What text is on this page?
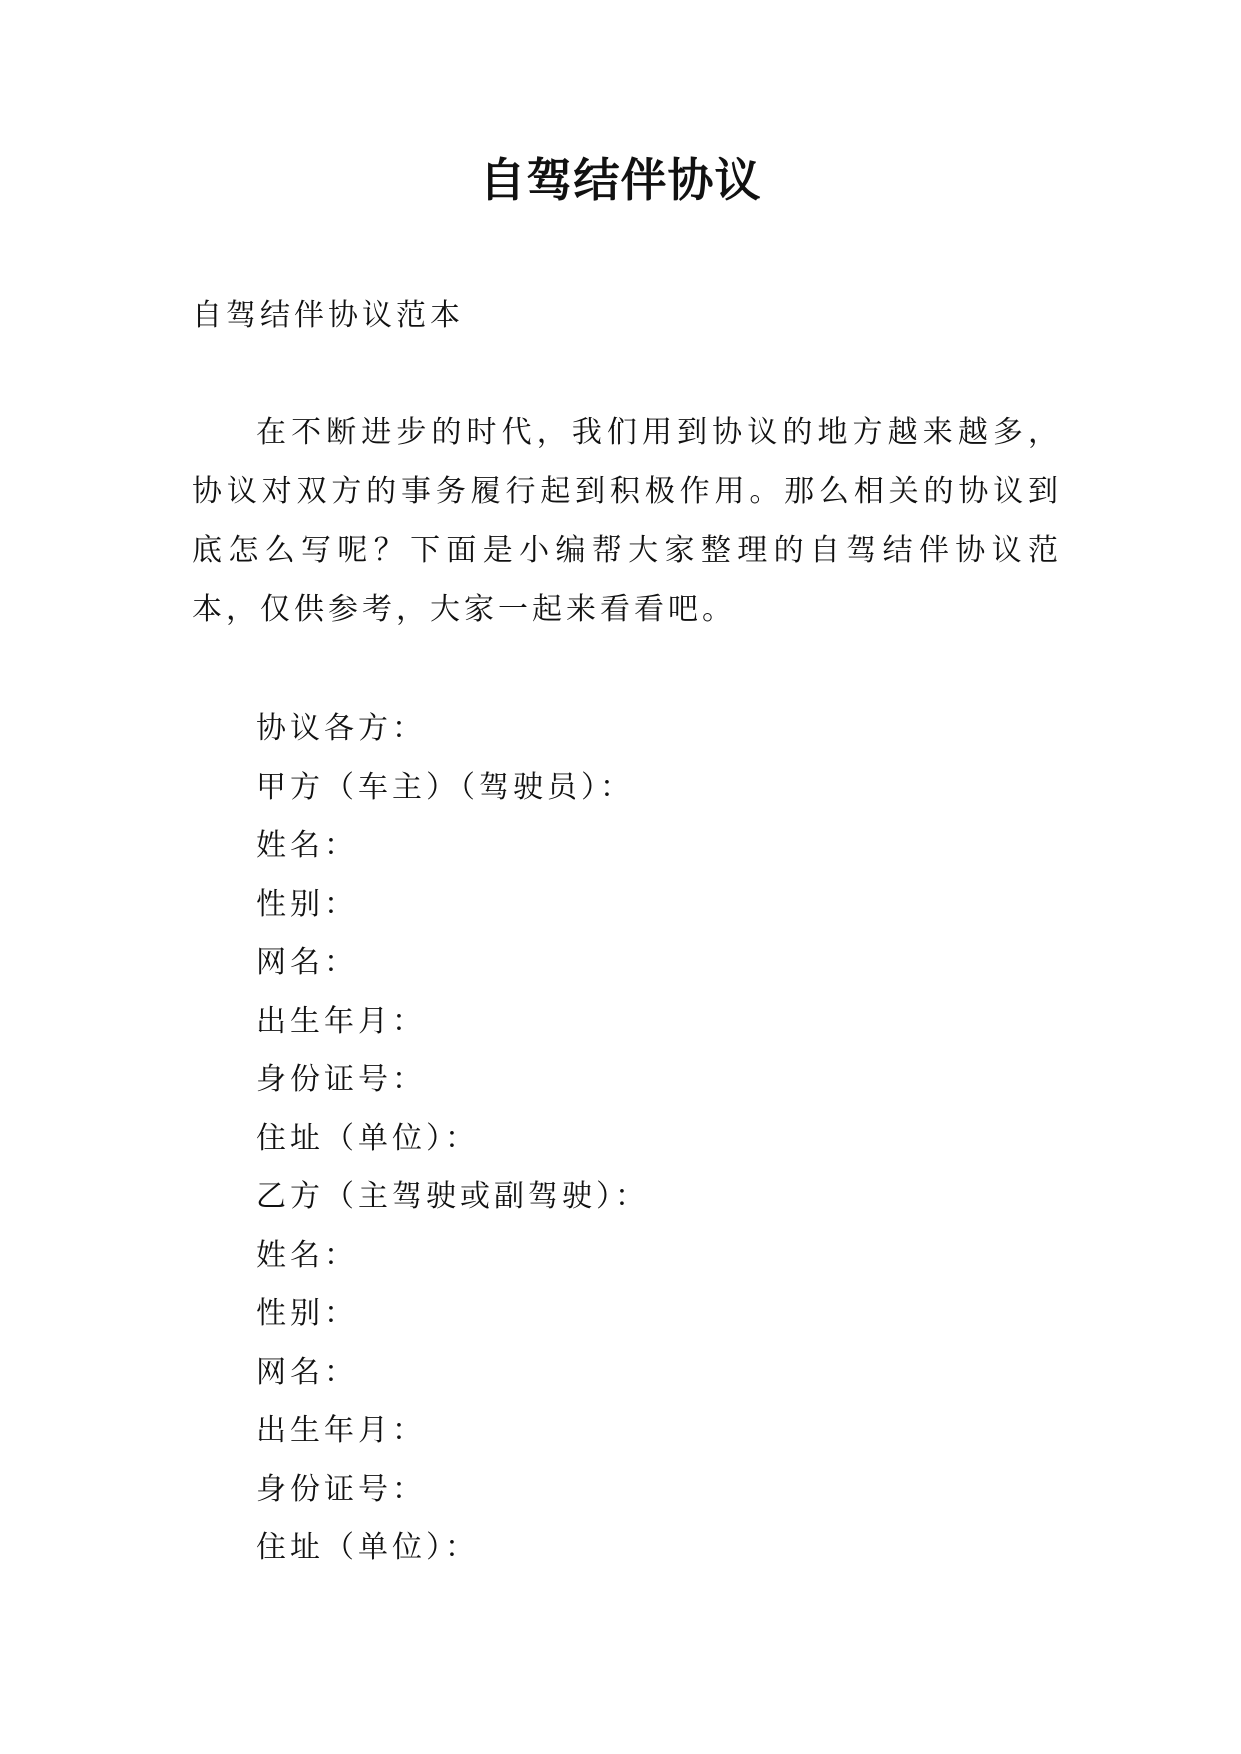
自驾结伴协议
自驾结伴协议范本

在不断进步的时代，我们用到协议的地方越来越多，协议对双方的事务履行起到积极作用。那么相关的协议到底怎么写呢？下面是小编帮大家整理的自驾结伴协议范本，仅供参考，大家一起来看看吧。

协议各方：
甲方（车主）（驾驶员）：
姓名：
性别：
网名：
出生年月：
身份证号：
住址（单位）：
乙方（主驾驶或副驾驶）：
姓名：
性别：
网名：
出生年月：
身份证号：
住址（单位）：
